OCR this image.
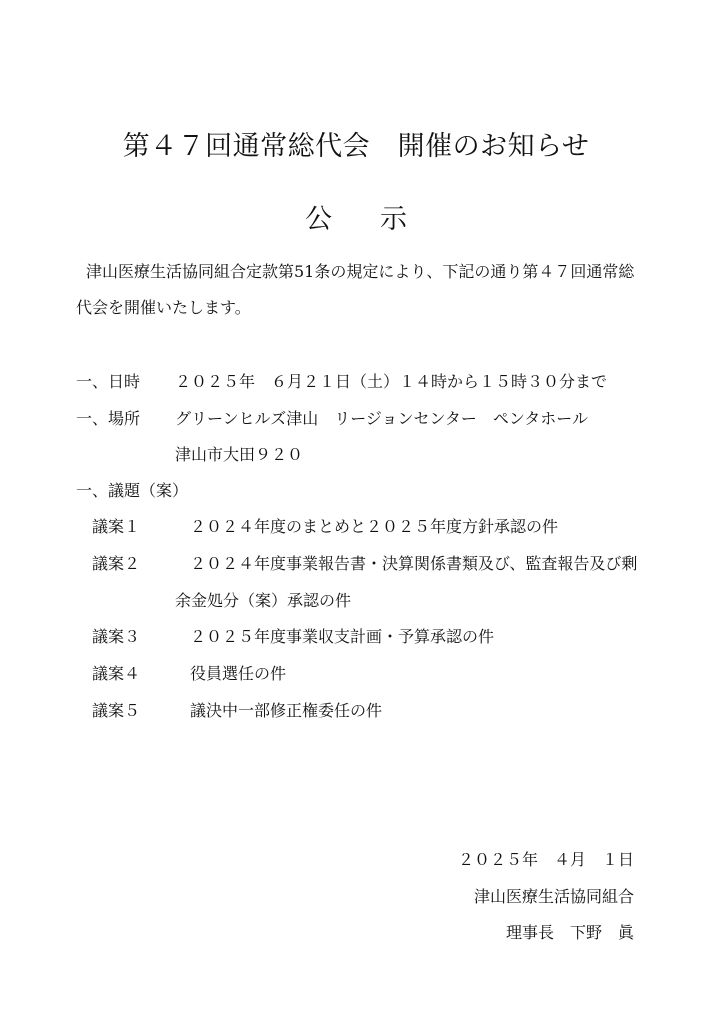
第４７回通常総代会　開催のお知らせ
公示
津山医療生活協同組合定款第51条の規定により、下記の通り第４７回通常総代会を開催いたします。
一、日時 ２０２５年　６月２１日（土）１４時から１５時３０分まで
一、場所 グリーンヒルズ津山　リージョンセンター　ペンタホール
津山市大田９２０
一、議題（案）
議案１	２０２４年度のまとめと２０２５年度方針承認の件
議案２	２０２４年度事業報告書・決算関係書類及び、監査報告及び剰
余金処分（案）承認の件
議案３	２０２５年度事業収支計画・予算承認の件
議案４	役員選任の件
議案５	議決中一部修正権委任の件
２０２５年　４月　１日
津山医療生活協同組合
理事長　下野　眞
